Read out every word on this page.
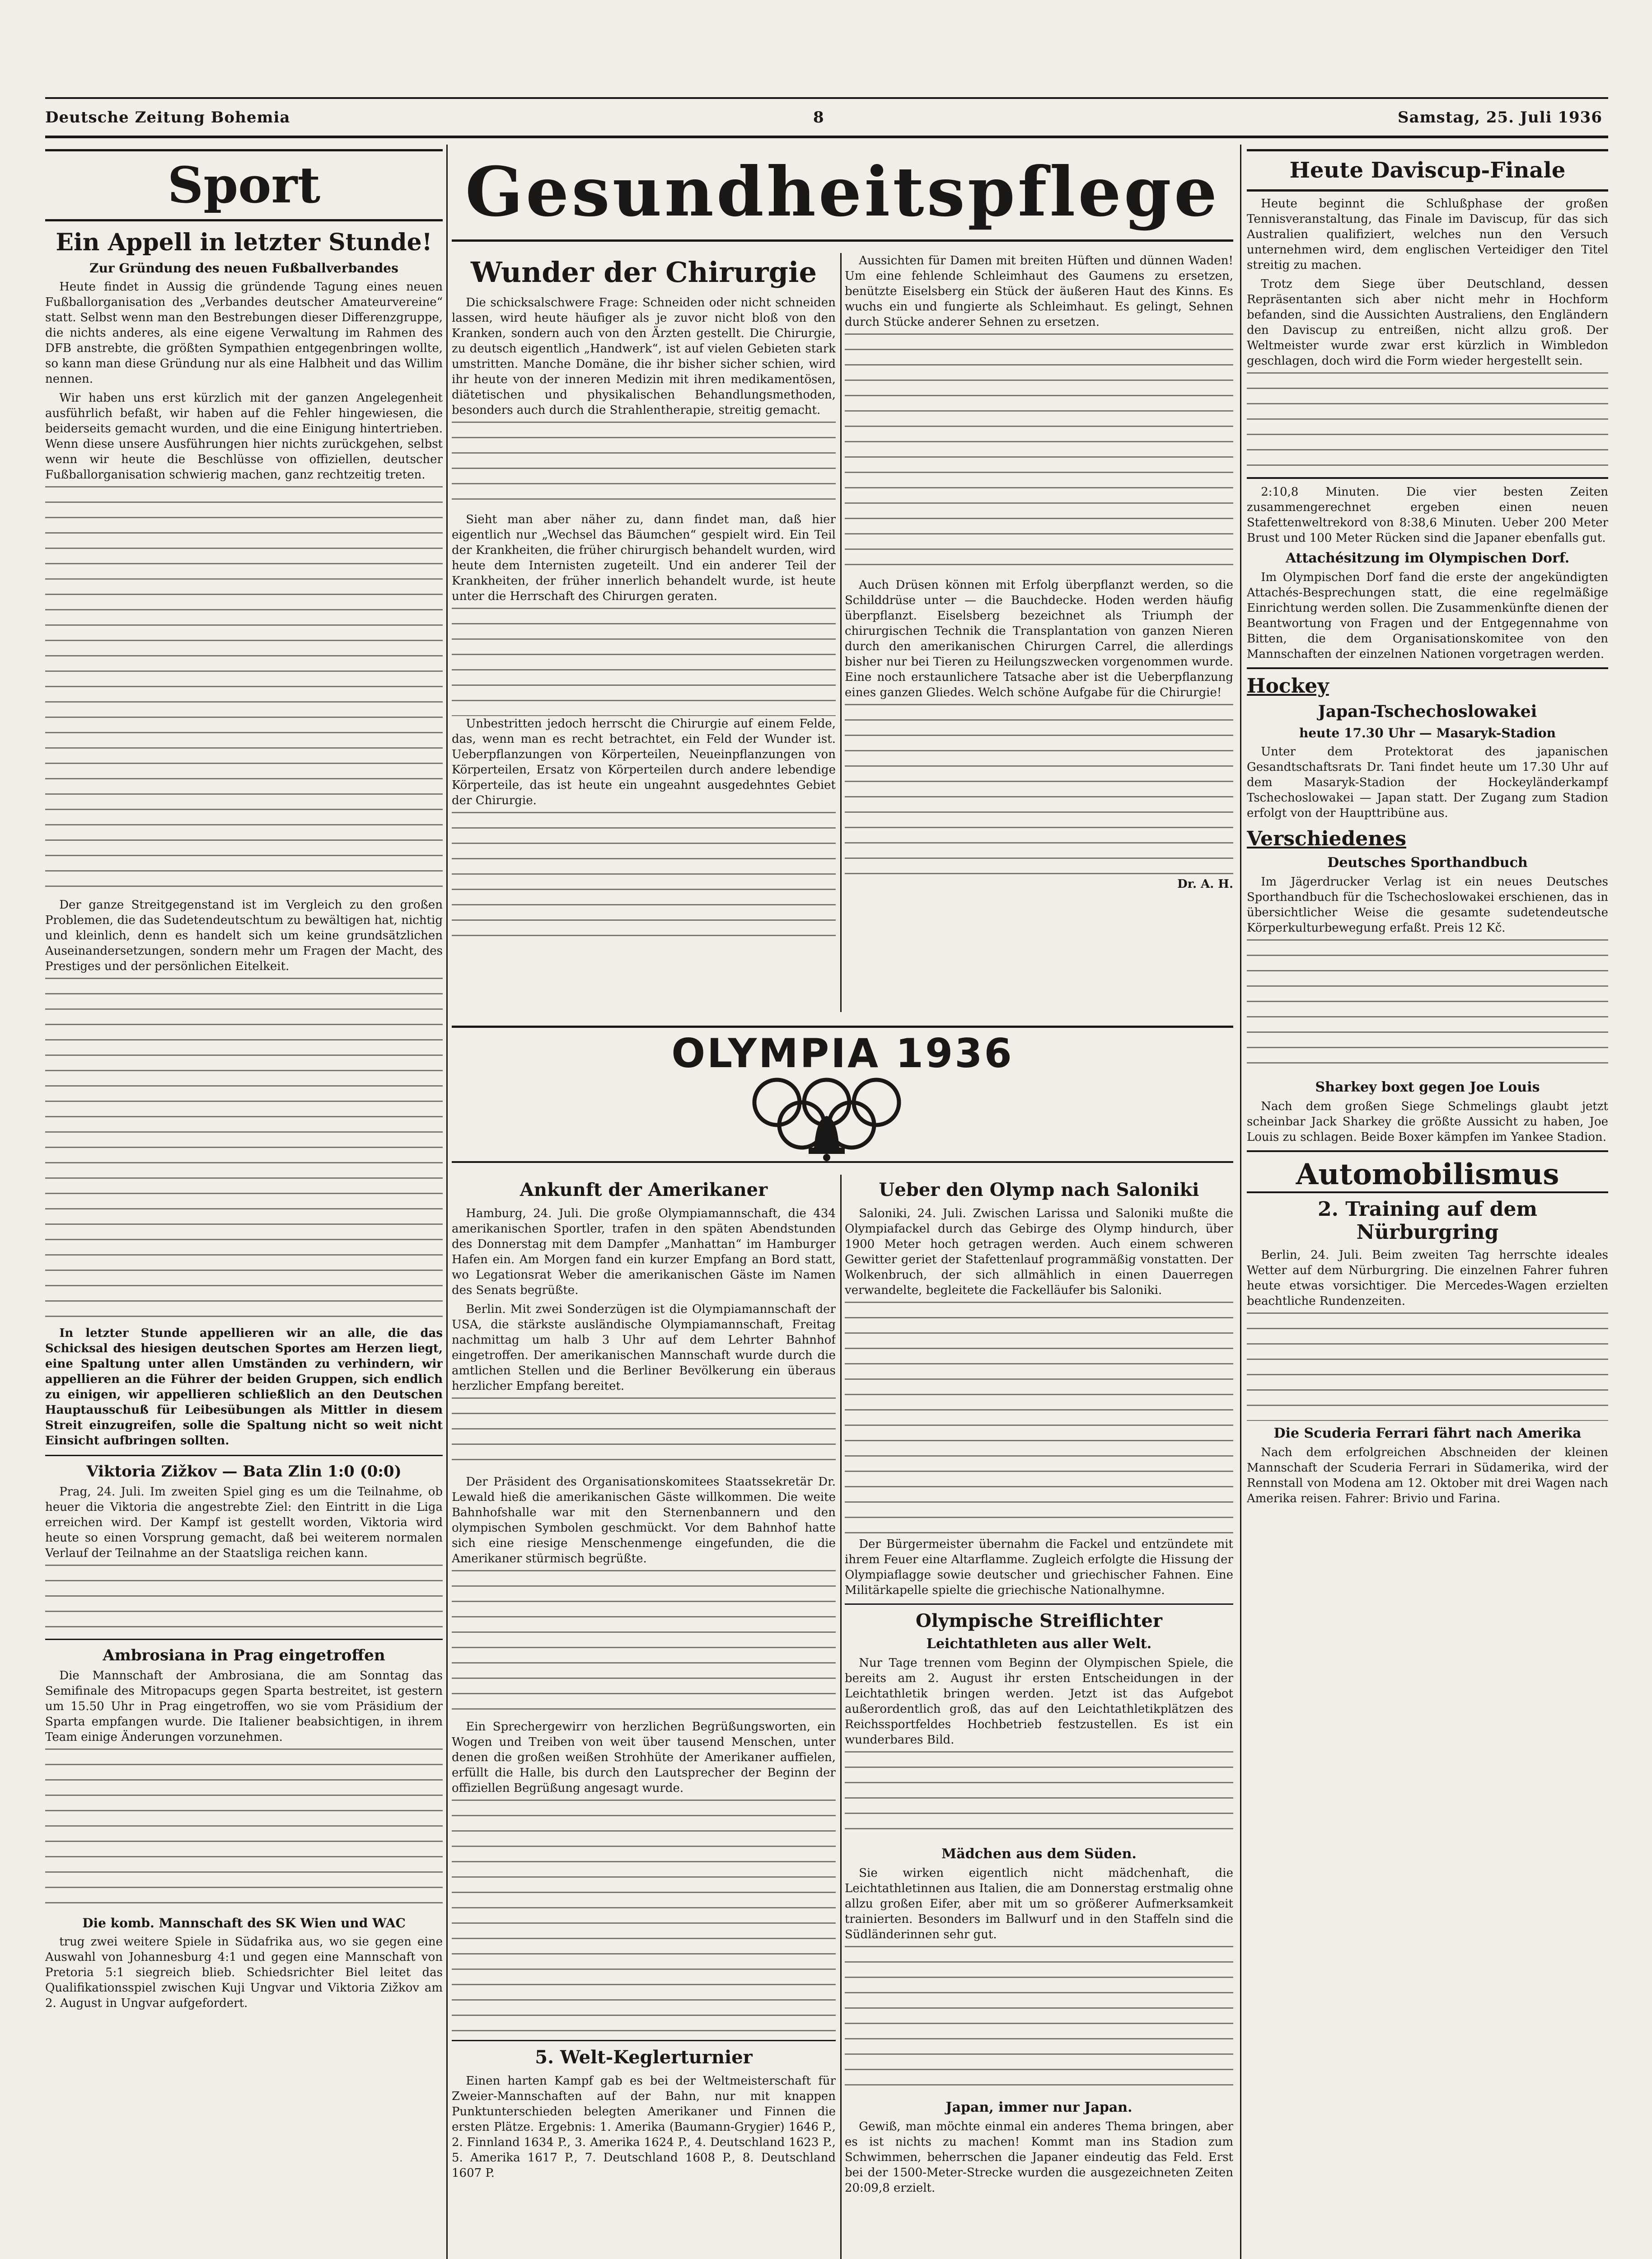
Deutsche Zeitung Bohemia	8	Samstag, 25. Juli 1936
Sport
Ein Appell in letzter Stunde!
Zur Gründung des neuen Fußballverbandes

Heute findet in Aussig die gründende Tagung eines neuen Fußballorganisation des „Verbandes deutscher Amateurvereine“ statt. Selbst wenn man den Bestrebungen dieser Differenzgruppe, die nichts anderes, als eine eigene Verwaltung im Rahmen des DFB anstrebte, die größten Sympathien entgegenbringen wollte, so kann man diese Gründung nur als eine Halbheit und das Willim nennen.

Wir haben uns erst kürzlich mit der ganzen Angelegenheit ausführlich befaßt, wir haben auf die Fehler hingewiesen, die beiderseits gemacht wurden, und die eine Einigung hintertrieben. Wenn diese unsere Ausführungen hier nichts zurückgehen, selbst wenn wir heute die Beschlüsse von offiziellen, deutscher Fußballorganisation schwierig machen, ganz rechtzeitig treten.

Der ganze Streitgegenstand ist im Vergleich zu den großen Problemen, die das Sudetendeutschtum zu bewältigen hat, nichtig und kleinlich, denn es handelt sich um keine grundsätzlichen Auseinandersetzungen, sondern mehr um Fragen der Macht, des Prestiges und der persönlichen Eitelkeit.

In letzter Stunde appellieren wir an alle, die das Schicksal des hiesigen deutschen Sportes am Herzen liegt, eine Spaltung unter allen Umständen zu verhindern, wir appellieren an die Führer der beiden Gruppen, sich endlich zu einigen, wir appellieren schließlich an den Deutschen Hauptausschuß für Leibesübungen als Mittler in diesem Streit einzugreifen, solle die Spaltung nicht so weit nicht Einsicht aufbringen sollten.

Viktoria Zižkov — Bata Zlin 1:0 (0:0)

Prag, 24. Juli. Im zweiten Spiel ging es um die Teilnahme, ob heuer die Viktoria die angestrebte Ziel: den Eintritt in die Liga erreichen wird. Der Kampf ist gestellt worden, Viktoria wird heute so einen Vorsprung gemacht, daß bei weiterem normalen Verlauf der Teilnahme an der Staatsliga reichen kann.

Ambrosiana in Prag eingetroffen

Die Mannschaft der Ambrosiana, die am Sonntag das Semifinale des Mitropacups gegen Sparta bestreitet, ist gestern um 15.50 Uhr in Prag eingetroffen, wo sie vom Präsidium der Sparta empfangen wurde. Die Italiener beabsichtigen, in ihrem Team einige Änderungen vorzunehmen.

Die komb. Mannschaft des SK Wien und WAC

trug zwei weitere Spiele in Südafrika aus, wo sie gegen eine Auswahl von Johannesburg 4:1 und gegen eine Mannschaft von Pretoria 5:1 siegreich blieb. Schiedsrichter Biel leitet das Qualifikationsspiel zwischen Kuji Ungvar und Viktoria Zižkov am 2. August in Ungvar aufgefordert.

Gesundheitspflege
Wunder der Chirurgie

Die schicksalschwere Frage: Schneiden oder nicht schneiden lassen, wird heute häufiger als je zuvor nicht bloß von den Kranken, sondern auch von den Ärzten gestellt. Die Chirurgie, zu deutsch eigentlich „Handwerk“, ist auf vielen Gebieten stark umstritten. Manche Domäne, die ihr bisher sicher schien, wird ihr heute von der inneren Medizin mit ihren medikamentösen, diätetischen und physikalischen Behandlungsmethoden, besonders auch durch die Strahlentherapie, streitig gemacht.

Sieht man aber näher zu, dann findet man, daß hier eigentlich nur „Wechsel das Bäumchen“ gespielt wird. Ein Teil der Krankheiten, die früher chirurgisch behandelt wurden, wird heute dem Internisten zugeteilt. Und ein anderer Teil der Krankheiten, der früher innerlich behandelt wurde, ist heute unter die Herrschaft des Chirurgen geraten.

Unbestritten jedoch herrscht die Chirurgie auf einem Felde, das, wenn man es recht betrachtet, ein Feld der Wunder ist. Ueberpflanzungen von Körperteilen, Neueinpflanzungen von Körperteilen, Ersatz von Körperteilen durch andere lebendige Körperteile, das ist heute ein ungeahnt ausgedehntes Gebiet der Chirurgie.

Aussichten für Damen mit breiten Hüften und dünnen Waden! Um eine fehlende Schleimhaut des Gaumens zu ersetzen, benützte Eiselsberg ein Stück der äußeren Haut des Kinns. Es wuchs ein und fungierte als Schleimhaut. Es gelingt, Sehnen durch Stücke anderer Sehnen zu ersetzen.

Auch Drüsen können mit Erfolg überpflanzt werden, so die Schilddrüse unter — die Bauchdecke. Hoden werden häufig überpflanzt. Eiselsberg bezeichnet als Triumph der chirurgischen Technik die Transplantation von ganzen Nieren durch den amerikanischen Chirurgen Carrel, die allerdings bisher nur bei Tieren zu Heilungszwecken vorgenommen wurde. Eine noch erstaunlichere Tatsache aber ist die Ueberpflanzung eines ganzen Gliedes. Welch schöne Aufgabe für die Chirurgie!

Dr. A. H.
OLYMPIA 1936
Ankunft der Amerikaner

Hamburg, 24. Juli. Die große Olympiamannschaft, die 434 amerikanischen Sportler, trafen in den späten Abendstunden des Donnerstag mit dem Dampfer „Manhattan“ im Hamburger Hafen ein. Am Morgen fand ein kurzer Empfang an Bord statt, wo Legationsrat Weber die amerikanischen Gäste im Namen des Senats begrüßte.

Berlin. Mit zwei Sonderzügen ist die Olympiamannschaft der USA, die stärkste ausländische Olympiamannschaft, Freitag nachmittag um halb 3 Uhr auf dem Lehrter Bahnhof eingetroffen. Der amerikanischen Mannschaft wurde durch die amtlichen Stellen und die Berliner Bevölkerung ein überaus herzlicher Empfang bereitet.

Der Präsident des Organisationskomitees Staatssekretär Dr. Lewald hieß die amerikanischen Gäste willkommen. Die weite Bahnhofshalle war mit den Sternenbannern und den olympischen Symbolen geschmückt. Vor dem Bahnhof hatte sich eine riesige Menschenmenge eingefunden, die die Amerikaner stürmisch begrüßte.

Ein Sprechergewirr von herzlichen Begrüßungsworten, ein Wogen und Treiben von weit über tausend Menschen, unter denen die großen weißen Strohhüte der Amerikaner auffielen, erfüllt die Halle, bis durch den Lautsprecher der Beginn der offiziellen Begrüßung angesagt wurde.

5. Welt-Keglerturnier

Einen harten Kampf gab es bei der Weltmeisterschaft für Zweier-Mannschaften auf der Bahn, nur mit knappen Punktunterschieden belegten Amerikaner und Finnen die ersten Plätze. Ergebnis: 1. Amerika (Baumann-Grygier) 1646 P., 2. Finnland 1634 P., 3. Amerika 1624 P., 4. Deutschland 1623 P., 5. Amerika 1617 P., 7. Deutschland 1608 P., 8. Deutschland 1607 P.

Ueber den Olymp nach Saloniki

Saloniki, 24. Juli. Zwischen Larissa und Saloniki mußte die Olympiafackel durch das Gebirge des Olymp hindurch, über 1900 Meter hoch getragen werden. Auch einem schweren Gewitter geriet der Stafettenlauf programmäßig vonstatten. Der Wolkenbruch, der sich allmählich in einen Dauerregen verwandelte, begleitete die Fackelläufer bis Saloniki.

Der Bürgermeister übernahm die Fackel und entzündete mit ihrem Feuer eine Altarflamme. Zugleich erfolgte die Hissung der Olympiaflagge sowie deutscher und griechischer Fahnen. Eine Militärkapelle spielte die griechische Nationalhymne.

Olympische Streiflichter
Leichtathleten aus aller Welt.

Nur Tage trennen vom Beginn der Olympischen Spiele, die bereits am 2. August ihr ersten Entscheidungen in der Leichtathletik bringen werden. Jetzt ist das Aufgebot außerordentlich groß, das auf den Leichtathletikplätzen des Reichssportfeldes Hochbetrieb festzustellen. Es ist ein wunderbares Bild.

Mädchen aus dem Süden.

Sie wirken eigentlich nicht mädchenhaft, die Leichtathletinnen aus Italien, die am Donnerstag erstmalig ohne allzu großen Eifer, aber mit um so größerer Aufmerksamkeit trainierten. Besonders im Ballwurf und in den Staffeln sind die Südländerinnen sehr gut.

Japan, immer nur Japan.

Gewiß, man möchte einmal ein anderes Thema bringen, aber es ist nichts zu machen! Kommt man ins Stadion zum Schwimmen, beherrschen die Japaner eindeutig das Feld. Erst bei der 1500-Meter-Strecke wurden die ausgezeichneten Zeiten 20:09,8 erzielt.

Heute Daviscup-Finale

Heute beginnt die Schlußphase der großen Tennisveranstaltung, das Finale im Daviscup, für das sich Australien qualifiziert, welches nun den Versuch unternehmen wird, dem englischen Verteidiger den Titel streitig zu machen.

Trotz dem Siege über Deutschland, dessen Repräsentanten sich aber nicht mehr in Hochform befanden, sind die Aussichten Australiens, den Engländern den Daviscup zu entreißen, nicht allzu groß. Der Weltmeister wurde zwar erst kürzlich in Wimbledon geschlagen, doch wird die Form wieder hergestellt sein.

2:10,8 Minuten. Die vier besten Zeiten zusammengerechnet ergeben einen neuen Stafettenweltrekord von 8:38,6 Minuten. Ueber 200 Meter Brust und 100 Meter Rücken sind die Japaner ebenfalls gut.

Attachésitzung im Olympischen Dorf.

Im Olympischen Dorf fand die erste der angekündigten Attachés-Besprechungen statt, die eine regelmäßige Einrichtung werden sollen. Die Zusammenkünfte dienen der Beantwortung von Fragen und der Entgegennahme von Bitten, die dem Organisationskomitee von den Mannschaften der einzelnen Nationen vorgetragen werden.

Hockey
Japan-Tschechoslowakei
heute 17.30 Uhr — Masaryk-Stadion

Unter dem Protektorat des japanischen Gesandtschaftsrats Dr. Tani findet heute um 17.30 Uhr auf dem Masaryk-Stadion der Hockeyländerkampf Tschechoslowakei — Japan statt. Der Zugang zum Stadion erfolgt von der Haupttribüne aus.

Verschiedenes
Deutsches Sporthandbuch

Im Jägerdrucker Verlag ist ein neues Deutsches Sporthandbuch für die Tschechoslowakei erschienen, das in übersichtlicher Weise die gesamte sudetendeutsche Körperkulturbewegung erfaßt. Preis 12 Kč.

Sharkey boxt gegen Joe Louis

Nach dem großen Siege Schmelings glaubt jetzt scheinbar Jack Sharkey die größte Aussicht zu haben, Joe Louis zu schlagen. Beide Boxer kämpfen im Yankee Stadion.

Automobilismus
2. Training auf dem Nürburgring

Berlin, 24. Juli. Beim zweiten Tag herrschte ideales Wetter auf dem Nürburgring. Die einzelnen Fahrer fuhren heute etwas vorsichtiger. Die Mercedes-Wagen erzielten beachtliche Rundenzeiten.

Die Scuderia Ferrari fährt nach Amerika

Nach dem erfolgreichen Abschneiden der kleinen Mannschaft der Scuderia Ferrari in Südamerika, wird der Rennstall von Modena am 12. Oktober mit drei Wagen nach Amerika reisen. Fahrer: Brivio und Farina.
